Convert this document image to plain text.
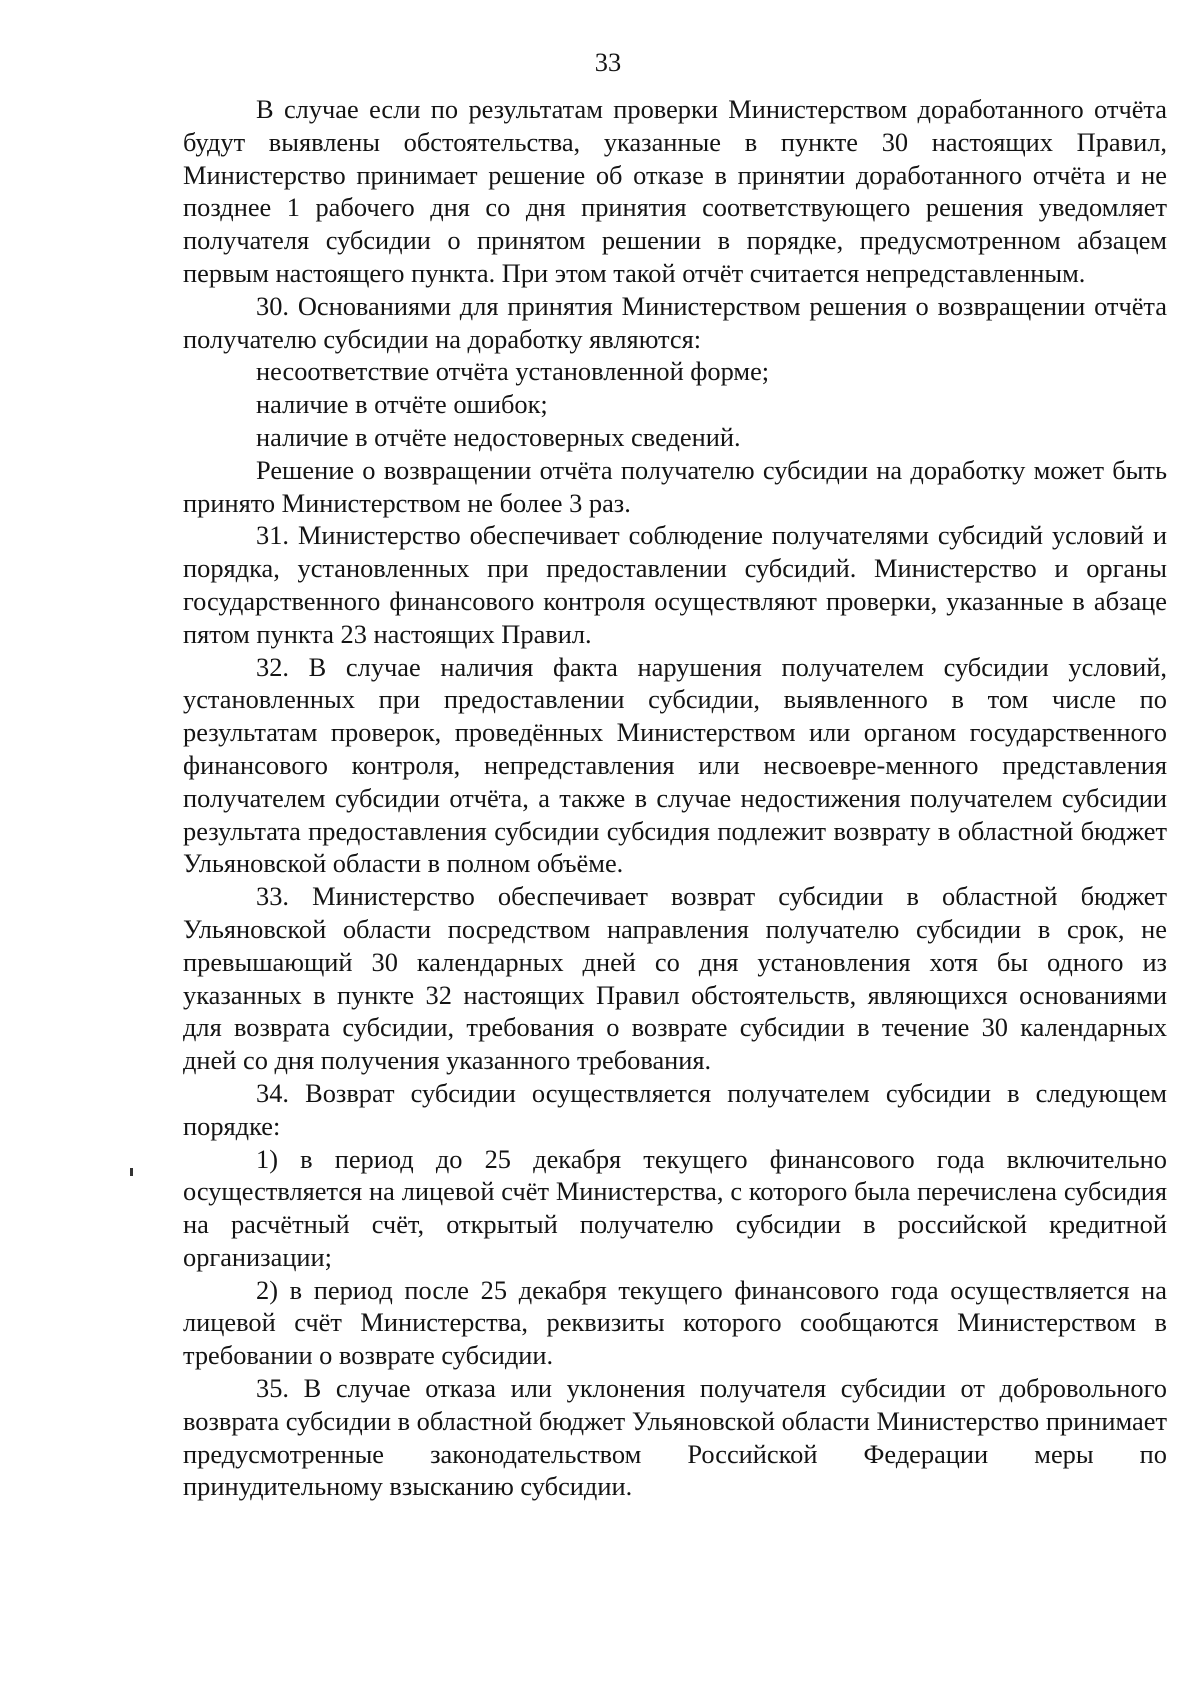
33

В случае если по результатам проверки Министерством доработанного отчёта будут выявлены обстоятельства, указанные в пункте 30 настоящих Правил, Министерство принимает решение об отказе в принятии доработанного отчёта и не позднее 1 рабочего дня со дня принятия соответствующего решения уведомляет получателя субсидии о принятом решении в порядке, предусмотренном абзацем первым настоящего пункта. При этом такой отчёт считается непредставленным.

30. Основаниями для принятия Министерством решения о возвращении отчёта получателю субсидии на доработку являются:

несоответствие отчёта установленной форме;

наличие в отчёте ошибок;

наличие в отчёте недостоверных сведений.

Решение о возвращении отчёта получателю субсидии на доработку может быть принято Министерством не более 3 раз.

31. Министерство обеспечивает соблюдение получателями субсидий условий и порядка, установленных при предоставлении субсидий. Министерство и органы государственного финансового контроля осуществляют проверки, указанные в абзаце пятом пункта 23 настоящих Правил.

32. В случае наличия факта нарушения получателем субсидии условий, установленных при предоставлении субсидии, выявленного в том числе по результатам проверок, проведённых Министерством или органом государственного финансового контроля, непредставления или несвоевре-менного представления получателем субсидии отчёта, а также в случае недостижения получателем субсидии результата предоставления субсидии субсидия подлежит возврату в областной бюджет Ульяновской области в полном объёме.

33. Министерство обеспечивает возврат субсидии в областной бюджет Ульяновской области посредством направления получателю субсидии в срок, не превышающий 30 календарных дней со дня установления хотя бы одного из указанных в пункте 32 настоящих Правил обстоятельств, являющихся основаниями для возврата субсидии, требования о возврате субсидии в течение 30 календарных дней со дня получения указанного требования.

34. Возврат субсидии осуществляется получателем субсидии в следующем порядке:

1) в период до 25 декабря текущего финансового года включительно осуществляется на лицевой счёт Министерства, с которого была перечислена субсидия на расчётный счёт, открытый получателю субсидии в российской кредитной организации;

2) в период после 25 декабря текущего финансового года осуществляется на лицевой счёт Министерства, реквизиты которого сообщаются Министерством в требовании о возврате субсидии.

35. В случае отказа или уклонения получателя субсидии от добровольного возврата субсидии в областной бюджет Ульяновской области Министерство принимает предусмотренные законодательством Российской Федерации меры по принудительному взысканию субсидии.
